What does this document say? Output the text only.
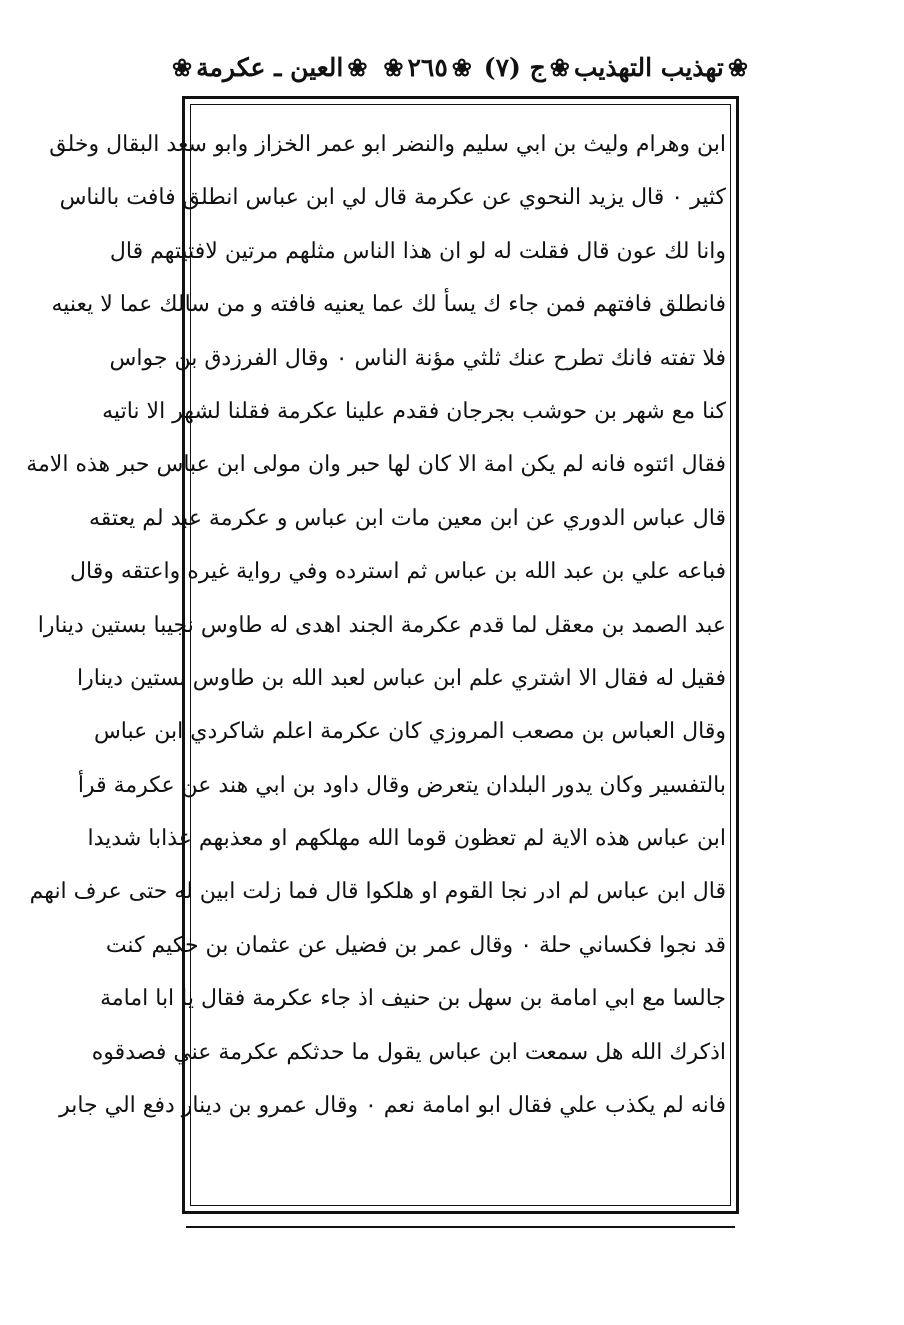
❀
العين ـ عكرمة
❀	❀
٢٦٥
❀	❀
تهذيب التهذيب
❀
ج (٧)
ابن وهرام وليث بن ابي سليم والنضر ابو عمر الخزاز وابو سعد البقال وخلق
كثير ٠ قال يزيد النحوي عن عكرمة قال لي ابن عباس انطلق فافت بالناس
وانا لك عون قال فقلت له لو ان هذا الناس مثلهم مرتين لافتيتهم قال
فانطلق فافتهم فمن جاء ك يسأ لك عما يعنيه فافته و من سالك عما لا يعنيه
فلا تفته فانك تطرح عنك ثلثي مؤنة الناس ٠ وقال الفرزدق بن جواس
كنا مع شهر بن حوشب بجرجان فقدم علينا عكرمة فقلنا لشهر الا ناتيه
فقال ائتوه فانه لم يكن امة الا كان لها حبر وان مولى ابن عباس حبر هذه الامة
قال عباس الدوري عن ابن معين مات ابن عباس و عكرمة عبد لم يعتقه
فباعه علي بن عبد الله بن عباس ثم استرده وفي رواية غيره واعتقه وقال
عبد الصمد بن معقل لما قدم عكرمة الجند اهدى له طاوس نجيبا بستين دينارا
فقيل له فقال الا اشتري علم ابن عباس لعبد الله بن طاوس بستين دينارا
وقال العباس بن مصعب المروزي كان عكرمة اعلم شاكردي ابن عباس
بالتفسير وكان يدور البلدان يتعرض وقال داود بن ابي هند عن عكرمة قرأ
ابن عباس هذه الاية لم تعظون قوما الله مهلكهم او معذبهم عذابا شديدا
قال ابن عباس لم ادر نجا القوم او هلكوا قال فما زلت ابين له حتى عرف انهم
قد نجوا فكساني حلة ٠ وقال عمر بن فضيل عن عثمان بن حكيم كنت
جالسا مع ابي امامة بن سهل بن حنيف اذ جاء عكرمة فقال يا ابا امامة
اذكرك الله هل سمعت ابن عباس يقول ما حدثكم عكرمة عني فصدقوه
فانه لم يكذب علي فقال ابو امامة نعم ٠ وقال عمرو بن دينار دفع الي جابر
